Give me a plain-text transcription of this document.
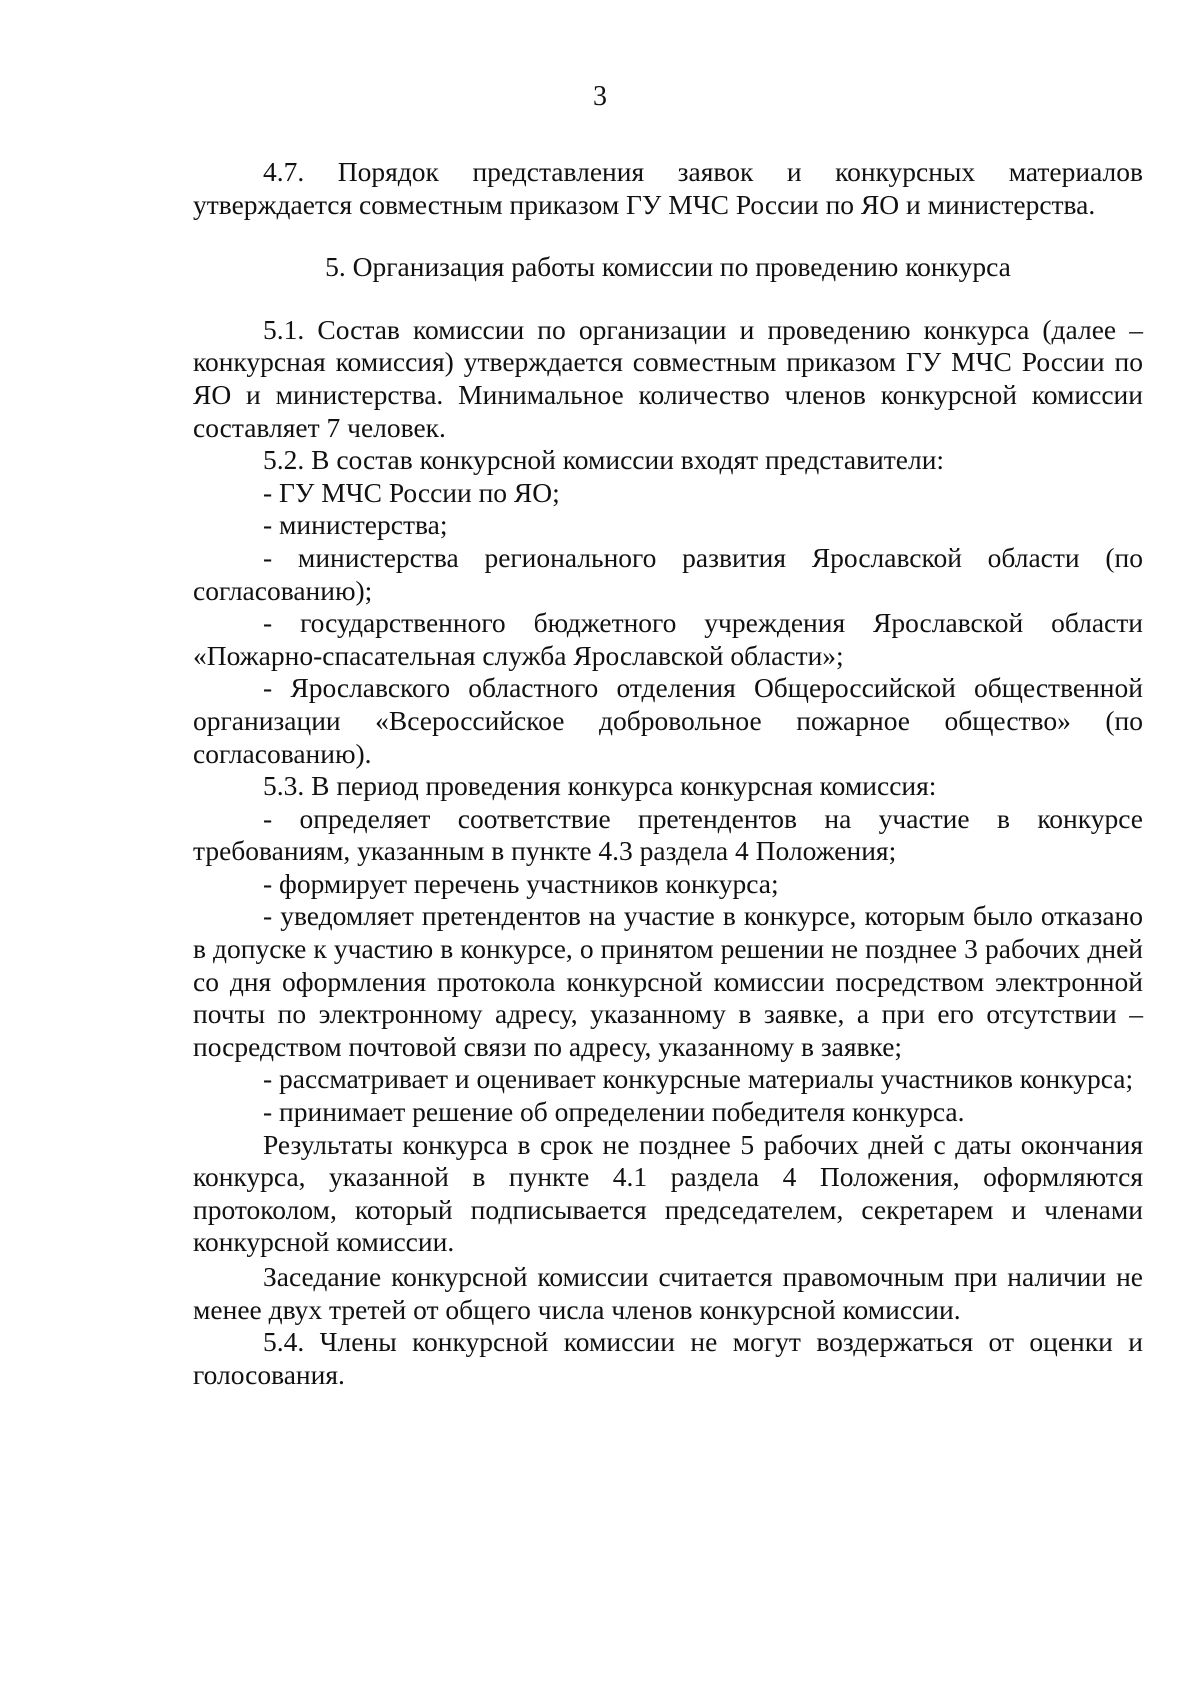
3

4.7. Порядок представления заявок и конкурсных материалов утверждается совместным приказом ГУ МЧС России по ЯО и министерства.

5. Организация работы комиссии по проведению конкурса

5.1. Состав комиссии по организации и проведению конкурса (далее – конкурсная комиссия) утверждается совместным приказом ГУ МЧС России по ЯО и министерства. Минимальное количество членов конкурсной комиссии составляет 7 человек.

5.2. В состав конкурсной комиссии входят представители:

- ГУ МЧС России по ЯО;

- министерства;

- министерства регионального развития Ярославской области (по согласованию);

- государственного бюджетного учреждения Ярославской области «Пожарно-спасательная служба Ярославской области»;

- Ярославского областного отделения Общероссийской общественной организации «Всероссийское добровольное пожарное общество» (по согласованию).

5.3. В период проведения конкурса конкурсная комиссия:

- определяет соответствие претендентов на участие в конкурсе требованиям, указанным в пункте 4.3 раздела 4 Положения;

- формирует перечень участников конкурса;

- уведомляет претендентов на участие в конкурсе, которым было отказано в допуске к участию в конкурсе, о принятом решении не позднее 3 рабочих дней со дня оформления протокола конкурсной комиссии посредством электронной почты по электронному адресу, указанному в заявке, а при его отсутствии – посредством почтовой связи по адресу, указанному в заявке;

- рассматривает и оценивает конкурсные материалы участников конкурса;

- принимает решение об определении победителя конкурса.

Результаты конкурса в срок не позднее 5 рабочих дней с даты окончания конкурса, указанной в пункте 4.1 раздела 4 Положения, оформляются протоколом, который подписывается председателем, секретарем и членами конкурсной комиссии.

Заседание конкурсной комиссии считается правомочным при наличии не менее двух третей от общего числа членов конкурсной комиссии.

5.4. Члены конкурсной комиссии не могут воздержаться от оценки и голосования.
